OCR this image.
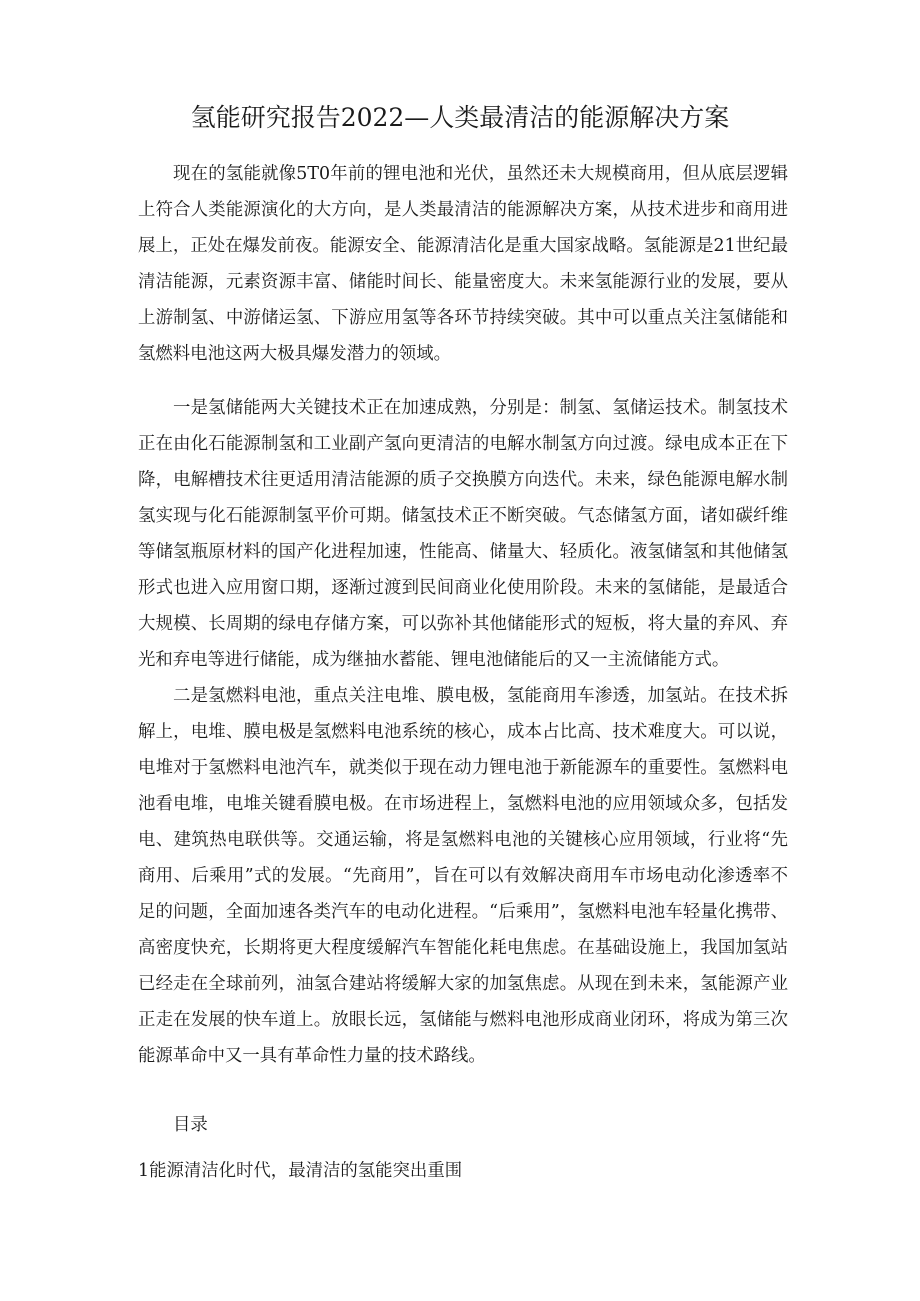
氢能研究报告2022—人类最清洁的能源解决方案

现在的氢能就像5T0年前的锂电池和光伏，虽然还未大规模商用，但从底层逻辑上符合人类能源演化的大方向，是人类最清洁的能源解决方案，从技术进步和商用进展上，正处在爆发前夜。能源安全、能源清洁化是重大国家战略。氢能源是21世纪最清洁能源，元素资源丰富、储能时间长、能量密度大。未来氢能源行业的发展，要从上游制氢、中游储运氢、下游应用氢等各环节持续突破。其中可以重点关注氢储能和氢燃料电池这两大极具爆发潜力的领域。

一是氢储能两大关键技术正在加速成熟，分别是：制氢、氢储运技术。制氢技术正在由化石能源制氢和工业副产氢向更清洁的电解水制氢方向过渡。绿电成本正在下降，电解槽技术往更适用清洁能源的质子交换膜方向迭代。未来，绿色能源电解水制氢实现与化石能源制氢平价可期。储氢技术正不断突破。气态储氢方面，诸如碳纤维等储氢瓶原材料的国产化进程加速，性能高、储量大、轻质化。液氢储氢和其他储氢形式也进入应用窗口期，逐渐过渡到民间商业化使用阶段。未来的氢储能，是最适合大规模、长周期的绿电存储方案，可以弥补其他储能形式的短板，将大量的弃风、弃光和弃电等进行储能，成为继抽水蓄能、锂电池储能后的又一主流储能方式。

二是氢燃料电池，重点关注电堆、膜电极，氢能商用车渗透，加氢站。在技术拆解上，电堆、膜电极是氢燃料电池系统的核心，成本占比高、技术难度大。可以说，电堆对于氢燃料电池汽车，就类似于现在动力锂电池于新能源车的重要性。氢燃料电池看电堆，电堆关键看膜电极。在市场进程上，氢燃料电池的应用领域众多，包括发电、建筑热电联供等。交通运输，将是氢燃料电池的关键核心应用领域，行业将“先商用、后乘用”式的发展。“先商用”，旨在可以有效解决商用车市场电动化渗透率不足的问题，全面加速各类汽车的电动化进程。“后乘用”，氢燃料电池车轻量化携带、高密度快充，长期将更大程度缓解汽车智能化耗电焦虑。在基础设施上，我国加氢站已经走在全球前列，油氢合建站将缓解大家的加氢焦虑。从现在到未来，氢能源产业正走在发展的快车道上。放眼长远，氢储能与燃料电池形成商业闭环，将成为第三次能源革命中又一具有革命性力量的技术路线。

目录
1能源清洁化时代，最清洁的氢能突出重围
